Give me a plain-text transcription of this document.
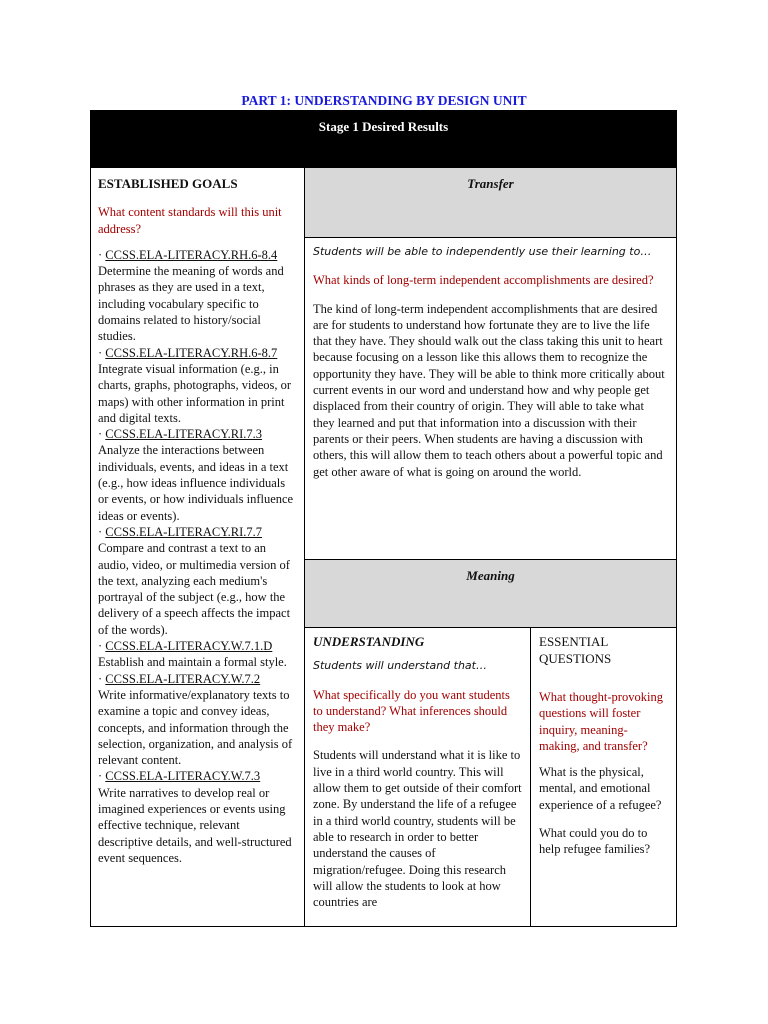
PART 1: UNDERSTANDING BY DESIGN UNIT
Stage 1 Desired Results
ESTABLISHED GOALS
What content standards will this unit address?
· CCSS.ELA-LITERACY.RH.6-8.4
Determine the meaning of words and phrases as they are used in a text, including vocabulary specific to domains related to history/social studies.
· CCSS.ELA-LITERACY.RH.6-8.7
Integrate visual information (e.g., in charts, graphs, photographs, videos, or maps) with other information in print and digital texts.
· CCSS.ELA-LITERACY.RI.7.3
Analyze the interactions between individuals, events, and ideas in a text (e.g., how ideas influence individuals or events, or how individuals influence ideas or events).
· CCSS.ELA-LITERACY.RI.7.7
Compare and contrast a text to an audio, video, or multimedia version of the text, analyzing each medium's portrayal of the subject (e.g., how the delivery of a speech affects the impact of the words).
· CCSS.ELA-LITERACY.W.7.1.D
Establish and maintain a formal style.
· CCSS.ELA-LITERACY.W.7.2
Write informative/explanatory texts to examine a topic and convey ideas, concepts, and information through the selection, organization, and analysis of relevant content.
· CCSS.ELA-LITERACY.W.7.3
Write narratives to develop real or imagined experiences or events using effective technique, relevant descriptive details, and well-structured event sequences.
Transfer
Students will be able to independently use their learning to…
What kinds of long-term independent accomplishments are desired?
The kind of long-term independent accomplishments that are desired are for students to understand how fortunate they are to live the life that they have. They should walk out the class taking this unit to heart because focusing on a lesson like this allows them to recognize the opportunity they have. They will be able to think more critically about current events in our word and understand how and why people get displaced from their country of origin. They will able to take what they learned and put that information into a discussion with their parents or their peers. When students are having a discussion with others, this will allow them to teach others about a powerful topic and get other aware of what is going on around the world.
Meaning
UNDERSTANDING
Students will understand that…
What specifically do you want students to understand? What inferences should they make?
Students will understand what it is like to live in a third world country. This will allow them to get outside of their comfort zone. By understand the life of a refugee in a third world country, students will be able to research in order to better understand the causes of migration/refugee. Doing this research will allow the students to look at how countries are
ESSENTIAL QUESTIONS
What thought-provoking questions will foster inquiry, meaning-making, and transfer?
What is the physical, mental, and emotional experience of a refugee?
What could you do to help refugee families?
